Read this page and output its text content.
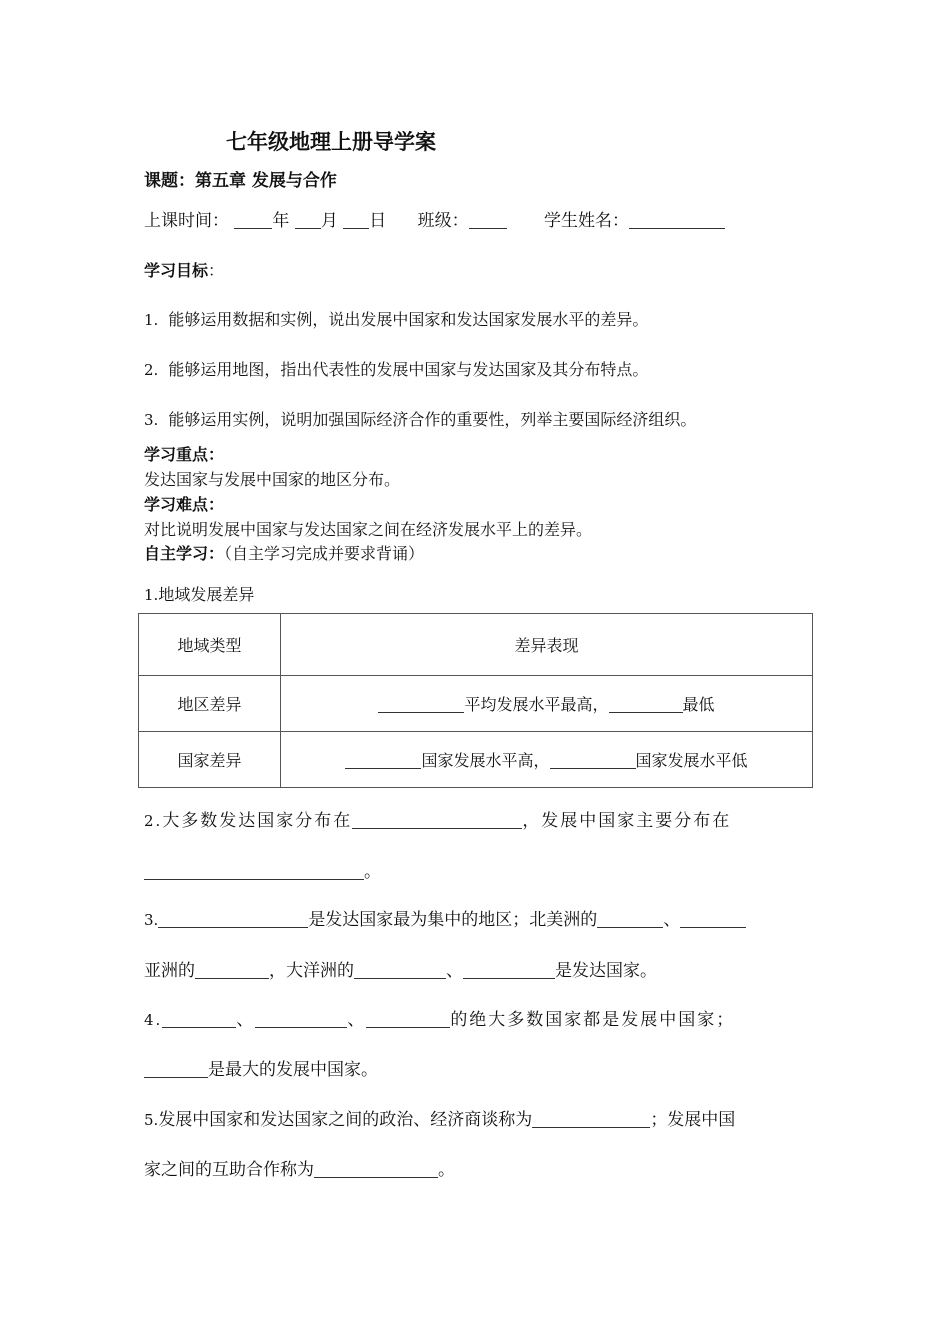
七年级地理上册导学案
课题：第五章 发展与合作
上课时间：	年 月 日 班级：	学生姓名：
学习目标：
1. 能够运用数据和实例，说出发展中国家和发达国家发展水平的差异。
2. 能够运用地图，指出代表性的发展中国家与发达国家及其分布特点。
3. 能够运用实例，说明加强国际经济合作的重要性，列举主要国际经济组织。
学习重点：
发达国家与发展中国家的地区分布。
学习难点：
对比说明发展中国家与发达国家之间在经济发展水平上的差异。
自主学习：（自主学习完成并要求背诵）
1.地域发展差异
地域类型	差异表现
地区差异	平均发展水平最高， 最低
国家差异	国家发展水平高， 国家发展水平低
2.大多数发达国家分布在	，发展中国家主要分布在
。
3.	是发达国家最为集中的地区；北美洲的	、
亚洲的	，大洋洲的	、	是发达国家。
4.	、	、	的绝大多数国家都是发展中国家；
是最大的发展中国家。
5.发展中国家和发达国家之间的政治、经济商谈称为	；发展中国
家之间的互助合作称为	。
